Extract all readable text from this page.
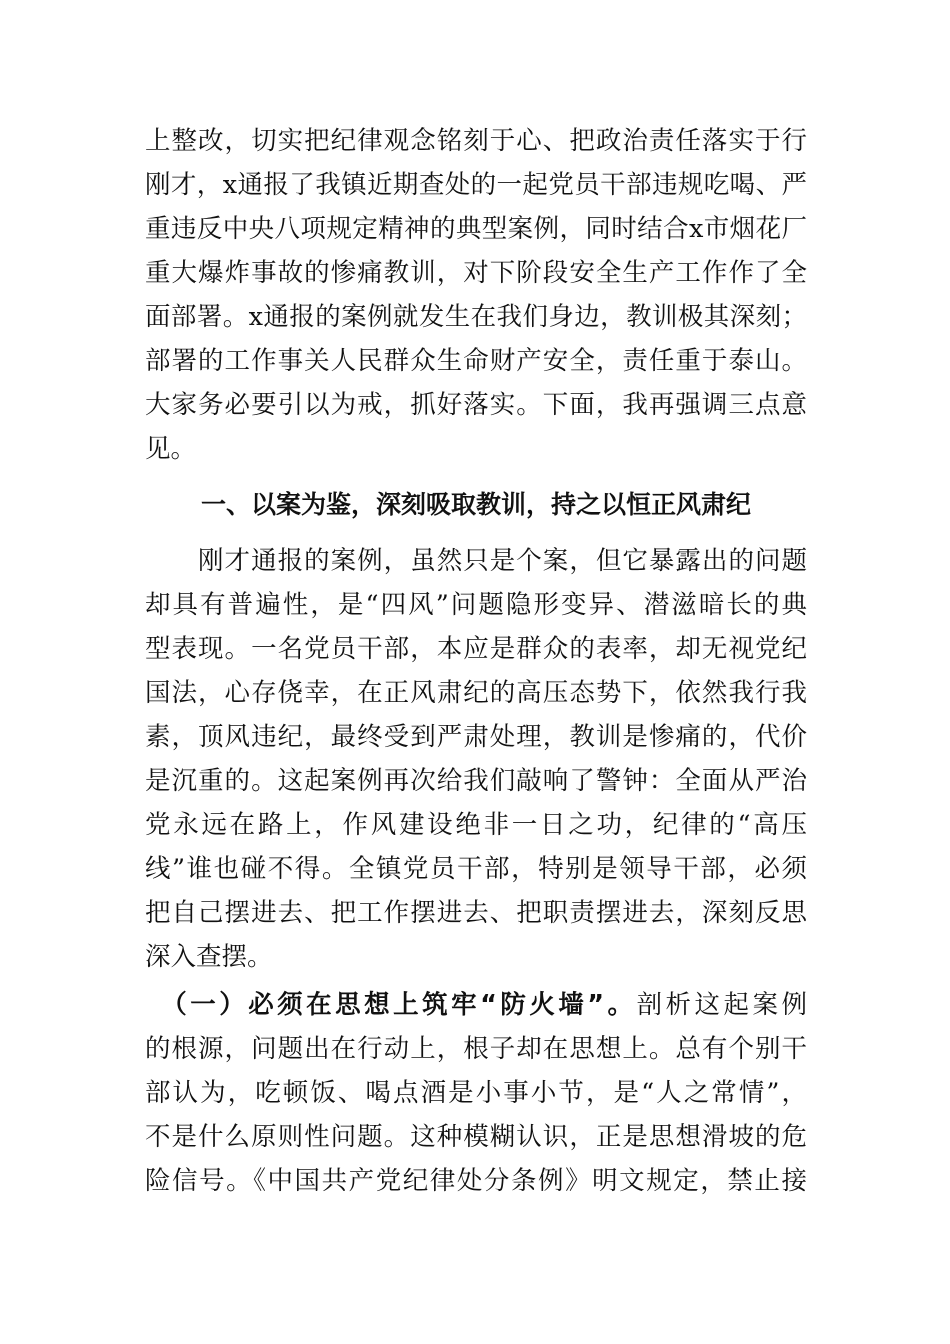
上整改，切实把纪律观念铭刻于心、把政治责任落实于行
刚才，x通报了我镇近期查处的一起党员干部违规吃喝、严
重违反中央八项规定精神的典型案例，同时结合x市烟花厂
重大爆炸事故的惨痛教训，对下阶段安全生产工作作了全
面部署。x通报的案例就发生在我们身边，教训极其深刻；
部署的工作事关人民群众生命财产安全，责任重于泰山。
大家务必要引以为戒，抓好落实。下面，我再强调三点意
见。
一、以案为鉴，深刻吸取教训，持之以恒正风肃纪
　　刚才通报的案例，虽然只是个案，但它暴露出的问题
却具有普遍性，是“四风”问题隐形变异、潜滋暗长的典
型表现。一名党员干部，本应是群众的表率，却无视党纪
国法，心存侥幸，在正风肃纪的高压态势下，依然我行我
素，顶风违纪，最终受到严肃处理，教训是惨痛的，代价
是沉重的。这起案例再次给我们敲响了警钟：全面从严治
党永远在路上，作风建设绝非一日之功，纪律的“高压
线”谁也碰不得。全镇党员干部，特别是领导干部，必须
把自己摆进去、把工作摆进去、把职责摆进去，深刻反思
深入查摆。
　（一）必须在思想上筑牢“防火墙”。剖析这起案例
的根源，问题出在行动上，根子却在思想上。总有个别干
部认为，吃顿饭、喝点酒是小事小节，是“人之常情”，
不是什么原则性问题。这种模糊认识，正是思想滑坡的危
险信号。《中国共产党纪律处分条例》明文规定，禁止接
